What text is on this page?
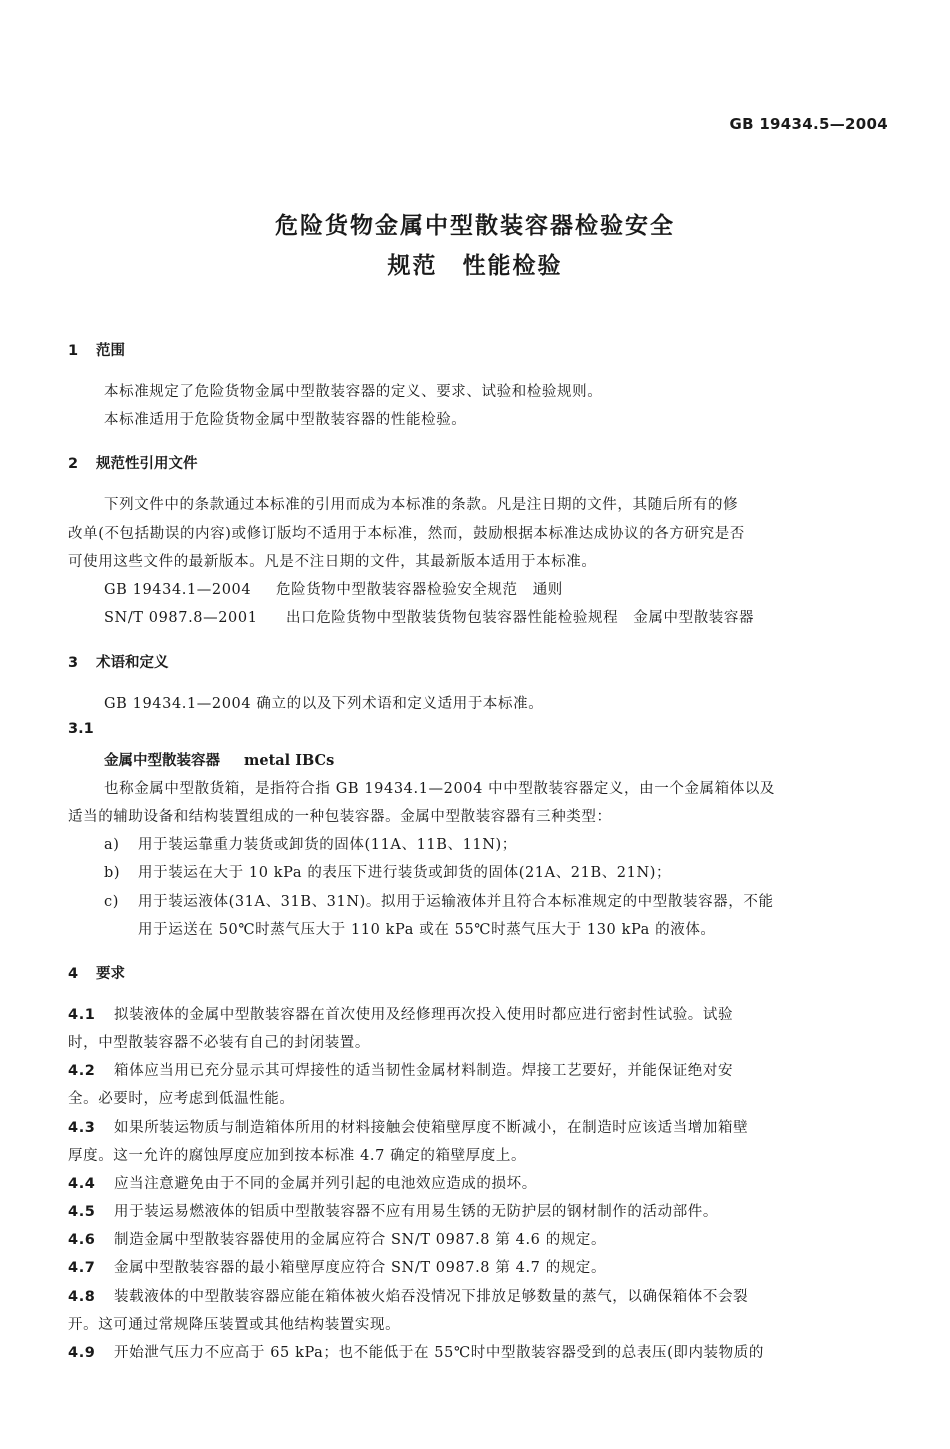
GB 19434.5—2004
危险货物金属中型散装容器检验安全
规范　性能检验
1 范围
本标准规定了危险货物金属中型散装容器的定义、要求、试验和检验规则。
本标准适用于危险货物金属中型散装容器的性能检验。
2 规范性引用文件
下列文件中的条款通过本标准的引用而成为本标准的条款。凡是注日期的文件，其随后所有的修
改单(不包括勘误的内容)或修订版均不适用于本标准，然而，鼓励根据本标准达成协议的各方研究是否
可使用这些文件的最新版本。凡是不注日期的文件，其最新版本适用于本标准。
GB 19434.1—2004 危险货物中型散装容器检验安全规范　通则
SN/T 0987.8—2001 出口危险货物中型散装货物包装容器性能检验规程　金属中型散装容器
3 术语和定义
GB 19434.1—2004 确立的以及下列术语和定义适用于本标准。
3.1
金属中型散装容器 metal IBCs
也称金属中型散货箱，是指符合指 GB 19434.1—2004 中中型散装容器定义，由一个金属箱体以及
适当的辅助设备和结构装置组成的一种包装容器。金属中型散装容器有三种类型：
a) 用于装运靠重力装货或卸货的固体(11A、11B、11N)；
b) 用于装运在大于 10 kPa 的表压下进行装货或卸货的固体(21A、21B、21N)；
c) 用于装运液体(31A、31B、31N)。拟用于运输液体并且符合本标准规定的中型散装容器，不能
用于运送在 50℃时蒸气压大于 110 kPa 或在 55℃时蒸气压大于 130 kPa 的液体。
4 要求
4.1 拟装液体的金属中型散装容器在首次使用及经修理再次投入使用时都应进行密封性试验。试验
时，中型散装容器不必装有自己的封闭装置。
4.2 箱体应当用已充分显示其可焊接性的适当韧性金属材料制造。焊接工艺要好，并能保证绝对安
全。必要时，应考虑到低温性能。
4.3 如果所装运物质与制造箱体所用的材料接触会使箱壁厚度不断减小，在制造时应该适当增加箱壁
厚度。这一允许的腐蚀厚度应加到按本标准 4.7 确定的箱壁厚度上。
4.4 应当注意避免由于不同的金属并列引起的电池效应造成的损坏。
4.5 用于装运易燃液体的铝质中型散装容器不应有用易生锈的无防护层的钢材制作的活动部件。
4.6 制造金属中型散装容器使用的金属应符合 SN/T 0987.8 第 4.6 的规定。
4.7 金属中型散装容器的最小箱壁厚度应符合 SN/T 0987.8 第 4.7 的规定。
4.8 装载液体的中型散装容器应能在箱体被火焰吞没情况下排放足够数量的蒸气，以确保箱体不会裂
开。这可通过常规降压装置或其他结构装置实现。
4.9 开始泄气压力不应高于 65 kPa；也不能低于在 55℃时中型散装容器受到的总表压(即内装物质的
